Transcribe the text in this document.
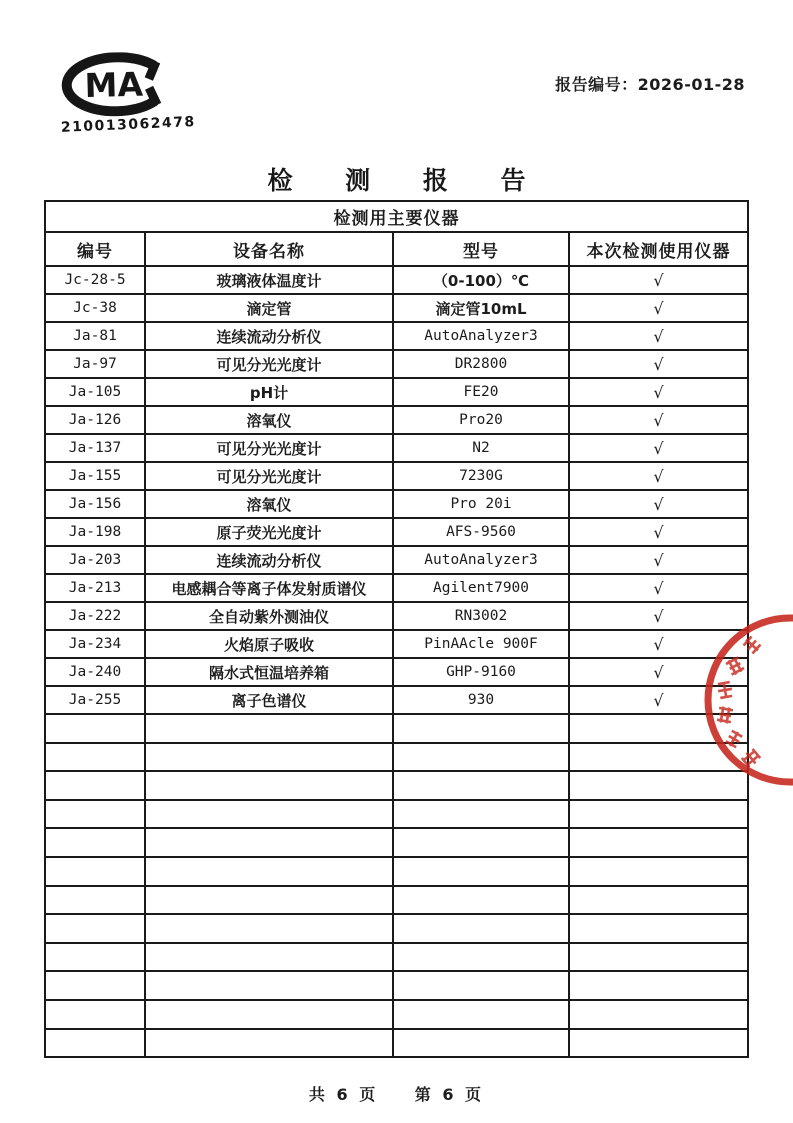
MA
210013062478
报告编号：2026-01-28
检 测 报 告
检测用主要仪器			
编号	设备名称	型号	本次检测使用仪器
Jc-28-5	玻璃液体温度计	（0-100）℃	√
Jc-38	滴定管	滴定管10mL	√
Ja-81	连续流动分析仪	AutoAnalyzer3	√
Ja-97	可见分光光度计	DR2800	√
Ja-105	pH计	FE20	√
Ja-126	溶氧仪	Pro20	√
Ja-137	可见分光光度计	N2	√
Ja-155	可见分光光度计	7230G	√
Ja-156	溶氧仪	Pro 20i	√
Ja-198	原子荧光光度计	AFS-9560	√
Ja-203	连续流动分析仪	AutoAnalyzer3	√
Ja-213	电感耦合等离子体发射质谱仪	Agilent7900	√
Ja-222	全自动紫外测油仪	RN3002	√
Ja-234	火焰原子吸收	PinAAcle 900F	√
Ja-240	隔水式恒温培养箱	GHP-9160	√
Ja-255	离子色谱仪	930	√

共 6 页 第 6 页
